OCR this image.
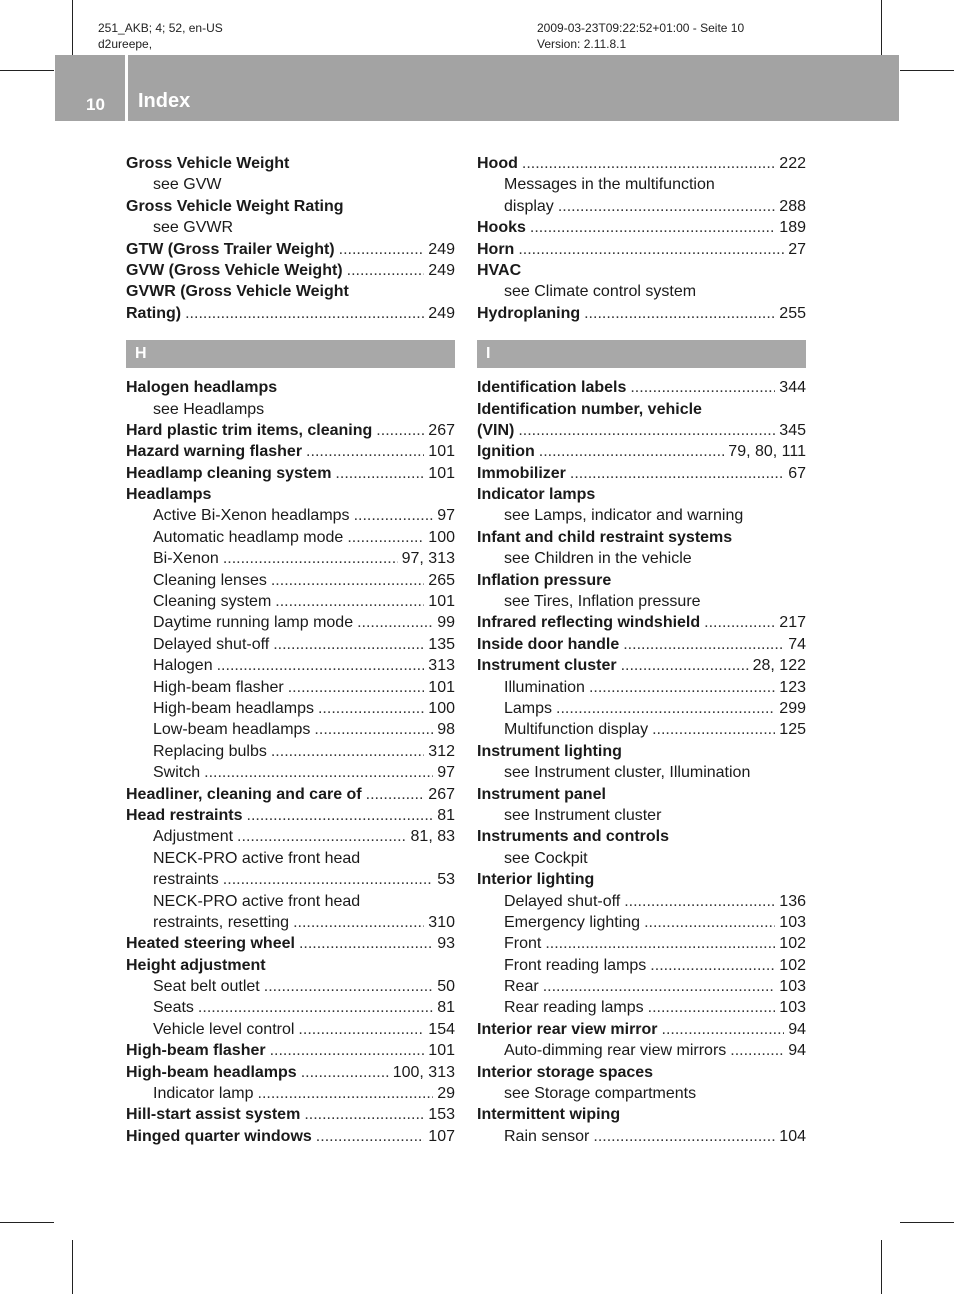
251_AKB; 4; 52, en-US
d2ureepe,
2009-03-23T09:22:52+01:00 - Seite 10
Version: 2.11.8.1
10 Index
Gross Vehicle Weight
see GVW
Gross Vehicle Weight Rating
see GVWR
GTW (Gross Trailer Weight) .....	249
GVW (Gross Vehicle Weight) .....	249
GVWR (Gross Vehicle Weight
Rating) .....	249
H
Halogen headlamps
see Headlamps
Hard plastic trim items, cleaning .....	267
Hazard warning flasher .....	101
Headlamp cleaning system .....	101
Headlamps
Active Bi-Xenon headlamps .....	97
Automatic headlamp mode .....	100
Bi-Xenon .....	97, 313
Cleaning lenses .....	265
Cleaning system .....	101
Daytime running lamp mode .....	99
Delayed shut-off .....	135
Halogen .....	313
High-beam flasher .....	101
High-beam headlamps .....	100
Low-beam headlamps .....	98
Replacing bulbs .....	312
Switch .....	97
Headliner, cleaning and care of .....	267
Head restraints .....	81
Adjustment .....	81, 83
NECK-PRO active front head
restraints .....	53
NECK-PRO active front head
restraints, resetting .....	310
Heated steering wheel .....	93
Height adjustment
Seat belt outlet .....	50
Seats .....	81
Vehicle level control .....	154
High-beam flasher .....	101
High-beam headlamps .....	100, 313
Indicator lamp .....	29
Hill-start assist system .....	153
Hinged quarter windows .....	107
Hood .....	222
Messages in the multifunction
display .....	288
Hooks .....	189
Horn .....	27
HVAC
see Climate control system
Hydroplaning .....	255
I
Identification labels .....	344
Identification number, vehicle
(VIN) .....	345
Ignition .....	79, 80, 111
Immobilizer .....	67
Indicator lamps
see Lamps, indicator and warning
Infant and child restraint systems
see Children in the vehicle
Inflation pressure
see Tires, Inflation pressure
Infrared reflecting windshield .....	217
Inside door handle .....	74
Instrument cluster .....	28, 122
Illumination .....	123
Lamps .....	299
Multifunction display .....	125
Instrument lighting
see Instrument cluster, Illumination
Instrument panel
see Instrument cluster
Instruments and controls
see Cockpit
Interior lighting
Delayed shut-off .....	136
Emergency lighting .....	103
Front .....	102
Front reading lamps .....	102
Rear .....	103
Rear reading lamps .....	103
Interior rear view mirror .....	94
Auto-dimming rear view mirrors .....	94
Interior storage spaces
see Storage compartments
Intermittent wiping
Rain sensor .....	104
